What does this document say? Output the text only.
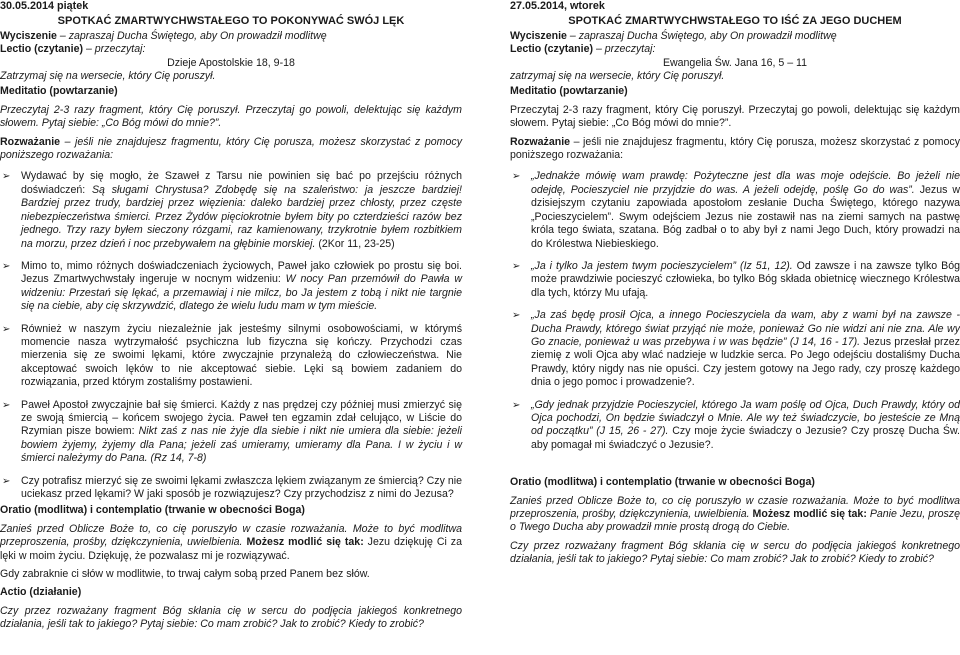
30.05.2014 piątek

SPOTKAĆ ZMARTWYCHWSTAŁEGO TO POKONYWAĆ SWÓJ LĘK

Wyciszenie – zapraszaj Ducha Świętego, aby On prowadził modlitwę

Lectio (czytanie) – przeczytaj:

Dzieje Apostolskie 18, 9-18

Zatrzymaj się na wersecie, który Cię poruszył.

Meditatio (powtarzanie)

Przeczytaj 2-3 razy fragment, który Cię poruszył. Przeczytaj go powoli, delektując się każdym słowem. Pytaj siebie: „Co Bóg mówi do mnie?”.

Rozważanie – jeśli nie znajdujesz fragmentu, który Cię porusza, możesz skorzystać z pomocy poniższego rozważania:

➢ Wydawać by się mogło, że Szaweł z Tarsu nie powinien się bać po przejściu różnych doświadczeń: Są sługami Chrystusa? Zdobędę się na szaleństwo: ja jeszcze bardziej! Bardziej przez trudy, bardziej przez więzienia: daleko bardziej przez chłosty, przez częste niebezpieczeństwa śmierci. Przez Żydów pięciokrotnie byłem bity po czterdzieści razów bez jednego. Trzy razy byłem sieczony rózgami, raz kamienowany, trzykrotnie byłem rozbitkiem na morzu, przez dzień i noc przebywałem na głębinie morskiej. (2Kor 11, 23-25)
➢ Mimo to, mimo różnych doświadczeniach życiowych, Paweł jako człowiek po prostu się boi. Jezus Zmartwychwstały ingeruje w nocnym widzeniu: W nocy Pan przemówił do Pawła w widzeniu: Przestań się lękać, a przemawiaj i nie milcz, bo Ja jestem z tobą i nikt nie targnie się na ciebie, aby cię skrzywdzić, dlatego że wielu ludu mam w tym mieście.
➢ Również w naszym życiu niezależnie jak jesteśmy silnymi osobowościami, w którymś momencie nasza wytrzymałość psychiczna lub fizyczna się kończy. Przychodzi czas mierzenia się ze swoimi lękami, które zwyczajnie przynależą do człowieczeństwa. Nie akceptować swoich lęków to nie akceptować siebie. Lęki są bowiem zadaniem do rozwiązania, przed którym zostaliśmy postawieni.
➢ Paweł Apostoł zwyczajnie bał się śmierci. Każdy z nas prędzej czy później musi zmierzyć się ze swoją śmiercią – końcem swojego życia. Paweł ten egzamin zdał celująco, w Liście do Rzymian pisze bowiem: Nikt zaś z nas nie żyje dla siebie i nikt nie umiera dla siebie: jeżeli bowiem żyjemy, żyjemy dla Pana; jeżeli zaś umieramy, umieramy dla Pana. I w życiu i w śmierci należymy do Pana. (Rz 14, 7-8)
➢ Czy potrafisz mierzyć się ze swoimi lękami zwłaszcza lękiem związanym ze śmiercią? Czy nie uciekasz przed lękami? W jaki sposób je rozwiązujesz? Czy przychodzisz z nimi do Jezusa?

Oratio (modlitwa) i contemplatio (trwanie w obecności Boga)

Zanieś przed Oblicze Boże to, co cię poruszyło w czasie rozważania. Może to być modlitwa przeproszenia, prośby, dziękczynienia, uwielbienia. Możesz modlić się tak: Jezu dziękuję Ci za lęki w moim życiu. Dziękuję, że pozwalasz mi je rozwiązywać.

Gdy zabraknie ci słów w modlitwie, to trwaj całym sobą przed Panem bez słów.

Actio (działanie)

Czy przez rozważany fragment Bóg skłania cię w sercu do podjęcia jakiegoś konkretnego działania, jeśli tak to jakiego? Pytaj siebie: Co mam zrobić? Jak to zrobić? Kiedy to zrobić?

27.05.2014, wtorek

SPOTKAĆ ZMARTWYCHWSTAŁEGO TO IŚĆ ZA JEGO DUCHEM

Wyciszenie – zapraszaj Ducha Świętego, aby On prowadził modlitwę

Lectio (czytanie) – przeczytaj:

Ewangelia Św. Jana 16, 5 – 11

zatrzymaj się na wersecie, który Cię poruszył.

Meditatio (powtarzanie)

Przeczytaj 2-3 razy fragment, który Cię poruszył. Przeczytaj go powoli, delektując się każdym słowem. Pytaj siebie: „Co Bóg mówi do mnie?”.

Rozważanie – jeśli nie znajdujesz fragmentu, który Cię porusza, możesz skorzystać z pomocy poniższego rozważania:

➢ „Jednakże mówię wam prawdę: Pożyteczne jest dla was moje odejście. Bo jeżeli nie odejdę, Pocieszyciel nie przyjdzie do was. A jeżeli odejdę, poślę Go do was”. Jezus w dzisiejszym czytaniu zapowiada apostołom zesłanie Ducha Świętego, którego nazywa „Pocieszycielem”. Swym odejściem Jezus nie zostawił nas na ziemi samych na pastwę króla tego świata, szatana. Bóg zadbał o to aby był z nami Jego Duch, który prowadzi na do Królestwa Niebieskiego.
➢ „Ja i tylko Ja jestem twym pocieszycielem” (Iz 51, 12). Od zawsze i na zawsze tylko Bóg może prawdziwie pocieszyć człowieka, bo tylko Bóg składa obietnicę wiecznego Królestwa dla tych, którzy Mu ufają.
➢ „Ja zaś będę prosił Ojca, a innego Pocieszyciela da wam, aby z wami był na zawsze - Ducha Prawdy, którego świat przyjąć nie może, ponieważ Go nie widzi ani nie zna. Ale wy Go znacie, ponieważ u was przebywa i w was będzie” (J 14, 16 - 17). Jezus przesłał przez ziemię z woli Ojca aby wlać nadzieje w ludzkie serca. Po Jego odejściu dostaliśmy Ducha Prawdy, który nigdy nas nie opuści. Czy jestem gotowy na Jego rady, czy proszę każdego dnia o jego pomoc i prowadzenie?.
➢ „Gdy jednak przyjdzie Pocieszyciel, którego Ja wam poślę od Ojca, Duch Prawdy, który od Ojca pochodzi, On będzie świadczył o Mnie. Ale wy też świadczycie, bo jesteście ze Mną od początku” (J 15, 26 - 27). Czy moje życie świadczy o Jezusie? Czy proszę Ducha Św. aby pomagał mi świadczyć o Jezusie?.

Oratio (modlitwa) i contemplatio (trwanie w obecności Boga)

Zanieś przed Oblicze Boże to, co cię poruszyło w czasie rozważania. Może to być modlitwa przeproszenia, prośby, dziękczynienia, uwielbienia. Możesz modlić się tak: Panie Jezu, proszę o Twego Ducha aby prowadził mnie prostą drogą do Ciebie.

Czy przez rozważany fragment Bóg skłania cię w sercu do podjęcia jakiegoś konkretnego działania, jeśli tak to jakiego? Pytaj siebie: Co mam zrobić? Jak to zrobić? Kiedy to zrobić?
